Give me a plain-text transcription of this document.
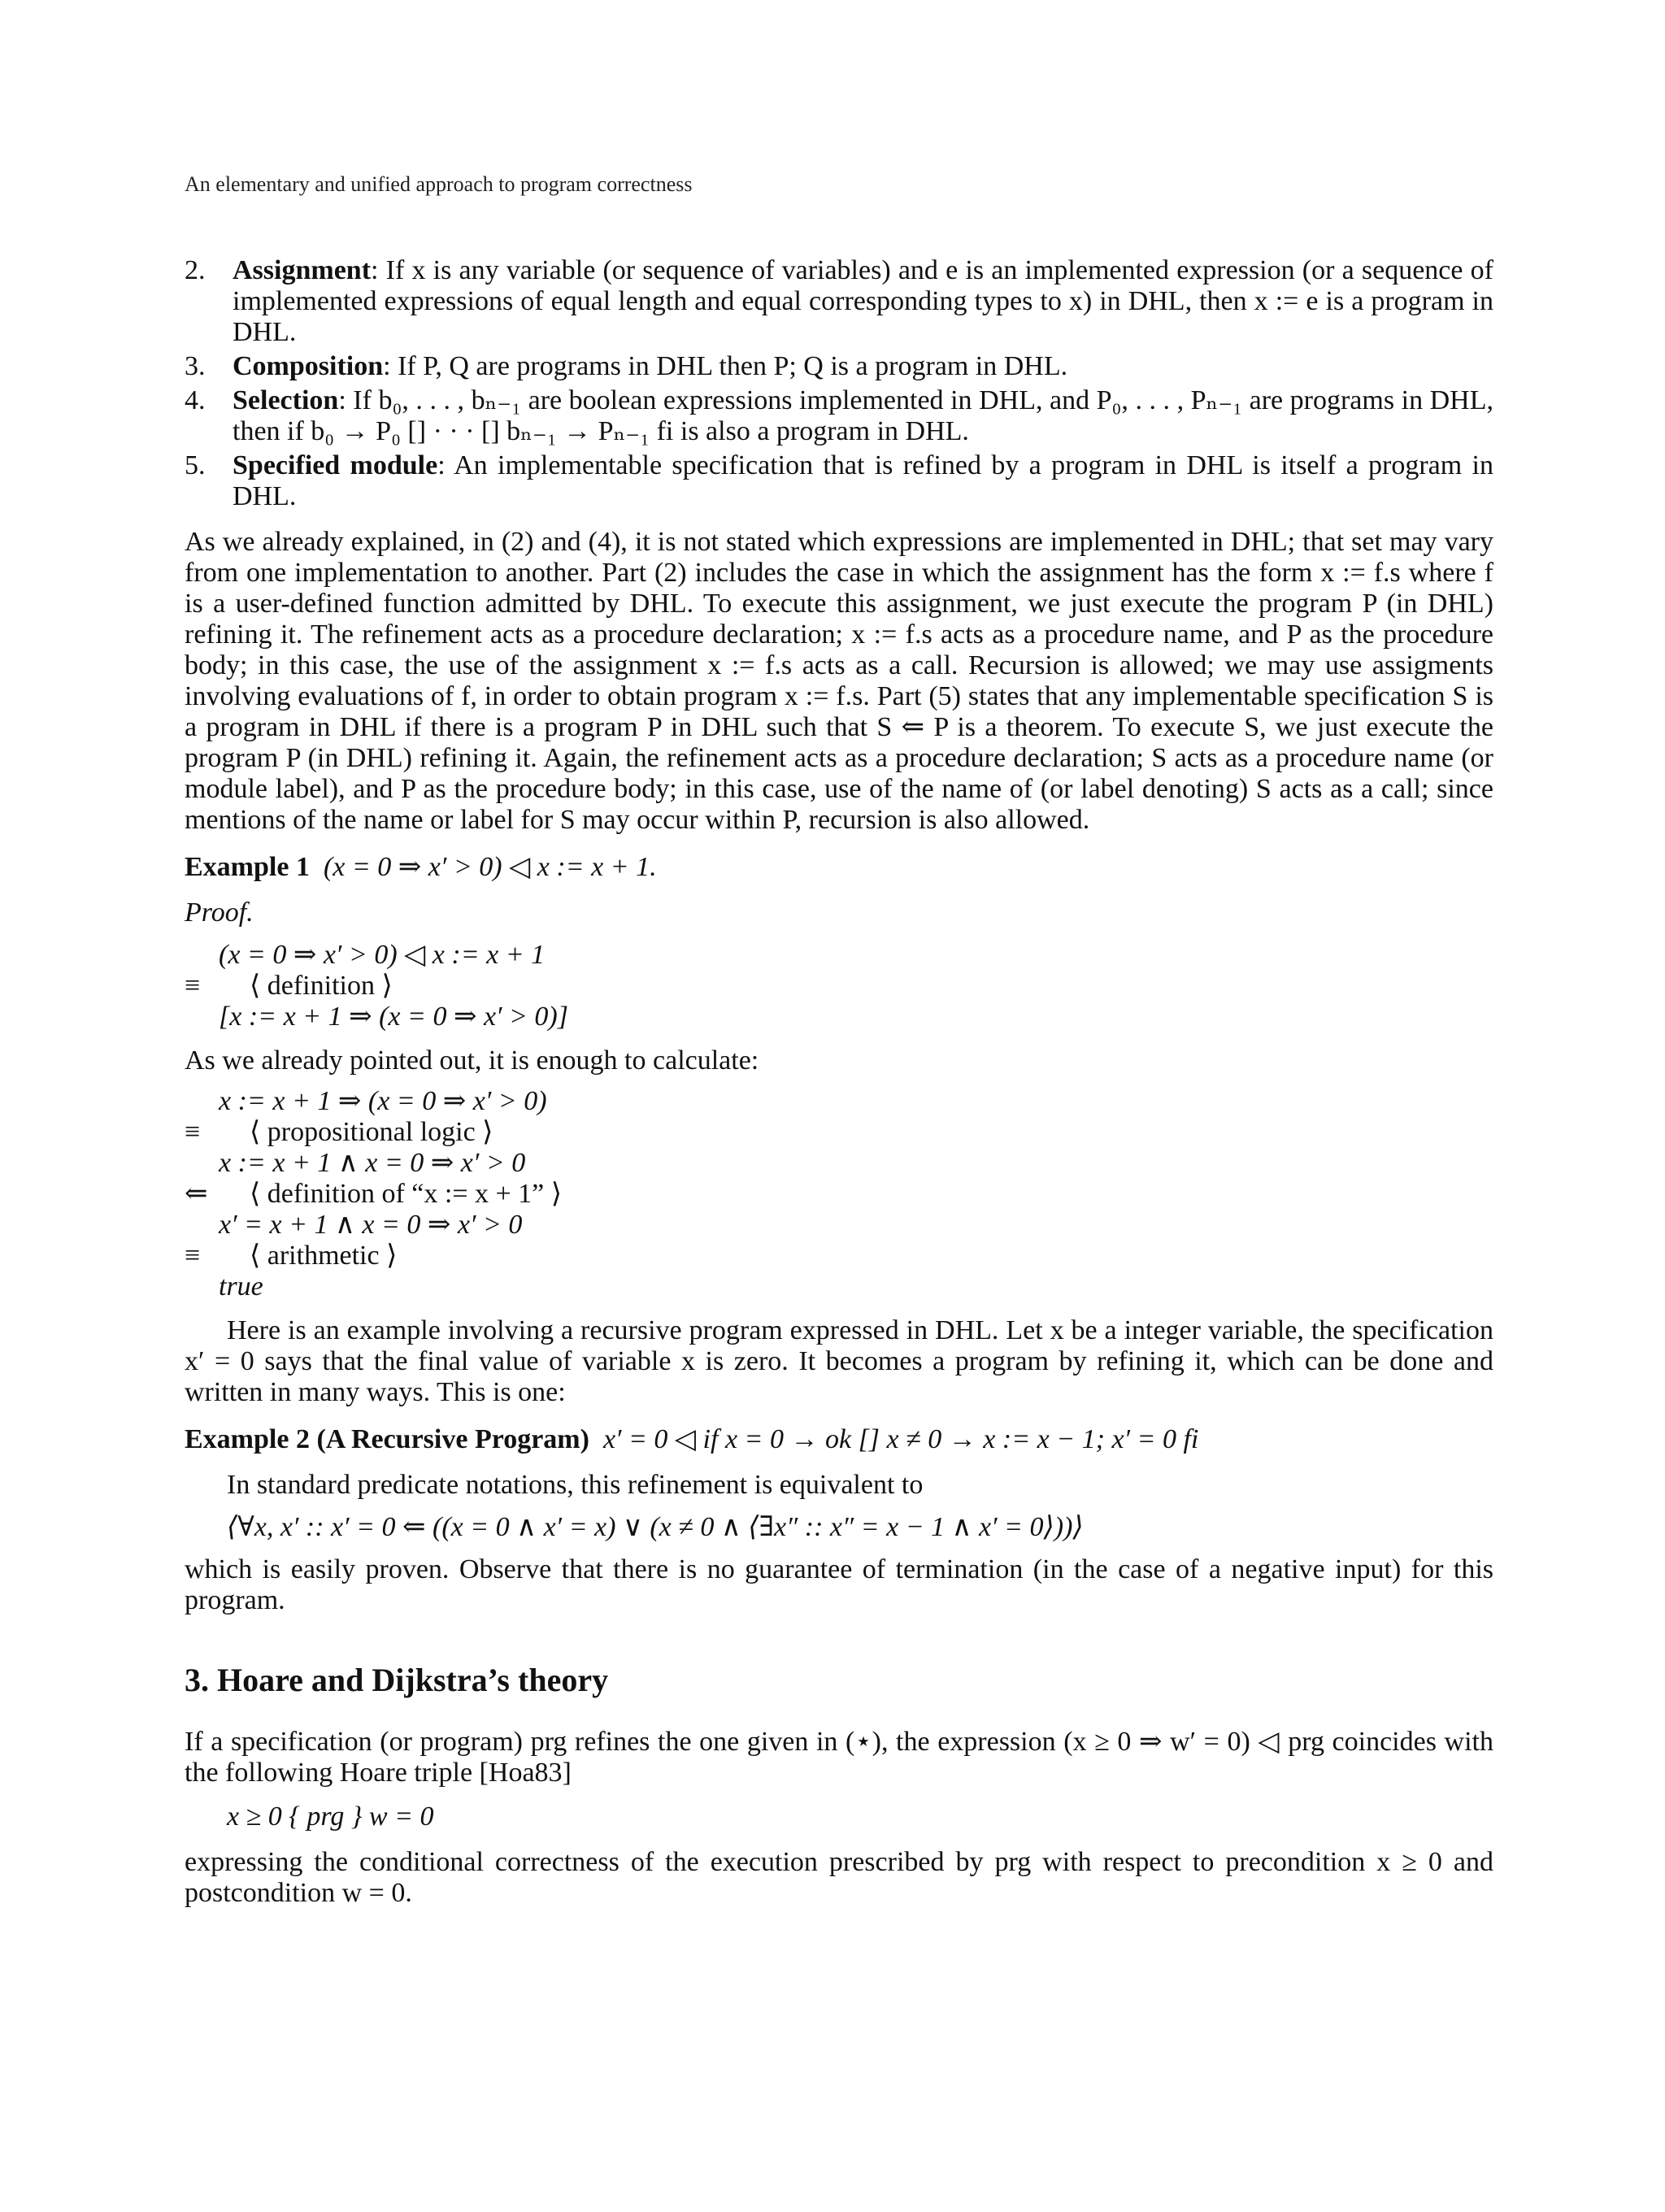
An elementary and unified approach to program correctness
2. Assignment: If x is any variable (or sequence of variables) and e is an implemented expression (or a sequence of implemented expressions of equal length and equal corresponding types to x) in DHL, then x := e is a program in DHL.
3. Composition: If P, Q are programs in DHL then P; Q is a program in DHL.
4. Selection: If b₀, . . . , bₙ₋₁ are boolean expressions implemented in DHL, and P₀, . . . , Pₙ₋₁ are programs in DHL, then if b₀ → P₀ [] · · · [] bₙ₋₁ → Pₙ₋₁ fi is also a program in DHL.
5. Specified module: An implementable specification that is refined by a program in DHL is itself a program in DHL.

As we already explained, in (2) and (4), it is not stated which expressions are implemented in DHL; that set may vary from one implementation to another. Part (2) includes the case in which the assignment has the form x := f.s where f is a user-defined function admitted by DHL. To execute this assignment, we just execute the program P (in DHL) refining it. The refinement acts as a procedure declaration; x := f.s acts as a procedure name, and P as the procedure body; in this case, the use of the assignment x := f.s acts as a call. Recursion is allowed; we may use assigments involving evaluations of f, in order to obtain program x := f.s. Part (5) states that any implementable specification S is a program in DHL if there is a program P in DHL such that S ⇐ P is a theorem. To execute S, we just execute the program P (in DHL) refining it. Again, the refinement acts as a procedure declaration; S acts as a procedure name (or module label), and P as the procedure body; in this case, use of the name of (or label denoting) S acts as a call; since mentions of the name or label for S may occur within P, recursion is also allowed.

Example 1 (x = 0 ⇒ x′ > 0) ◁ x := x + 1.

Proof.

(x = 0 ⇒ x′ > 0) ◁ x := x + 1
≡	⟨ definition ⟩
[x := x + 1 ⇒ (x = 0 ⇒ x′ > 0)]

As we already pointed out, it is enough to calculate:

x := x + 1 ⇒ (x = 0 ⇒ x′ > 0)
≡	⟨ propositional logic ⟩
x := x + 1 ∧ x = 0 ⇒ x′ > 0
⇐	⟨ definition of “x := x + 1” ⟩
x′ = x + 1 ∧ x = 0 ⇒ x′ > 0
≡	⟨ arithmetic ⟩
true

Here is an example involving a recursive program expressed in DHL. Let x be a integer variable, the specification x′ = 0 says that the final value of variable x is zero. It becomes a program by refining it, which can be done and written in many ways. This is one:

Example 2 (A Recursive Program) x′ = 0 ◁ if x = 0 → ok [] x ≠ 0 → x := x − 1; x′ = 0 fi

In standard predicate notations, this refinement is equivalent to

⟨∀x, x′ :: x′ = 0 ⇐ ((x = 0 ∧ x′ = x) ∨ (x ≠ 0 ∧ ⟨∃x″ :: x″ = x − 1 ∧ x′ = 0⟩))⟩

which is easily proven. Observe that there is no guarantee of termination (in the case of a negative input) for this program.

3. Hoare and Dijkstra’s theory

If a specification (or program) prg refines the one given in (⋆), the expression (x ≥ 0 ⇒ w′ = 0) ◁ prg coincides with the following Hoare triple [Hoa83]

x ≥ 0 { prg } w = 0

expressing the conditional correctness of the execution prescribed by prg with respect to precondition x ≥ 0 and postcondition w = 0.
